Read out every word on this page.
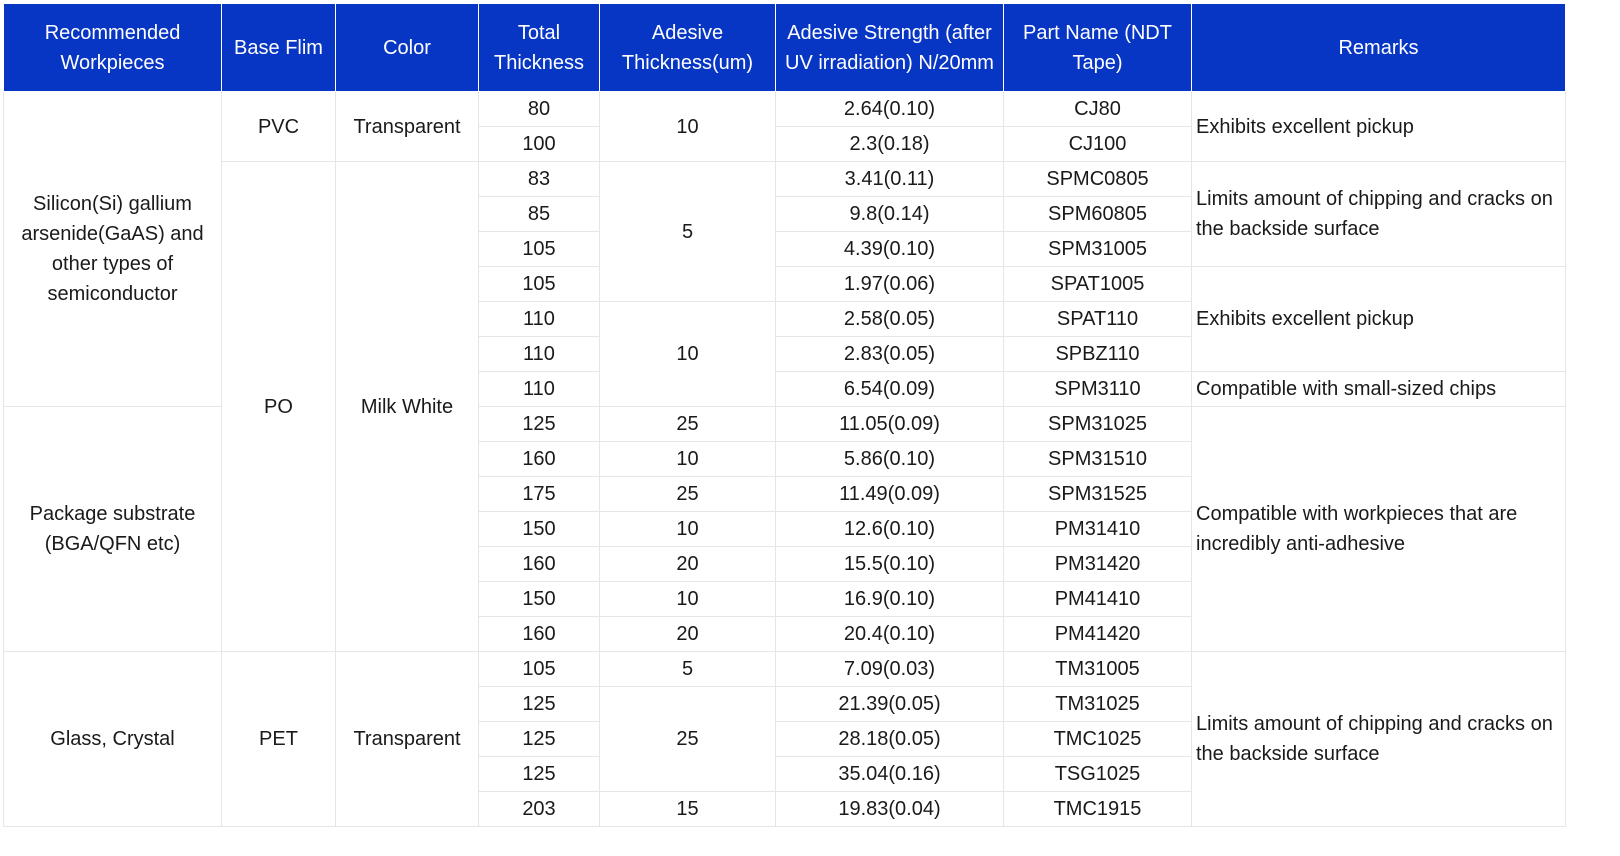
Recommended Workpieces	Base Flim	Color	Total Thickness	Adesive Thickness(um)	Adesive Strength (after UV irradiation) N/20mm	Part Name (NDT Tape)	Remarks
Silicon(Si) gallium arsenide(GaAS) and other types of semiconductor	PVC	Transparent	80	10	2.64(0.10)	CJ80	Exhibits excellent pickup
			100		2.3(0.18)	CJ100	
	PO	Milk White	83	5	3.41(0.11)	SPMC0805	Limits amount of chipping and cracks on the backside surface
			85		9.8(0.14)	SPM60805	
			105		4.39(0.10)	SPM31005	
			105		1.97(0.06)	SPAT1005	Exhibits excellent pickup
			110	10	2.58(0.05)	SPAT110	
			110		2.83(0.05)	SPBZ110	
			110		6.54(0.09)	SPM3110	Compatible with small-sized chips
Package substrate (BGA/QFN etc)			125	25	11.05(0.09)	SPM31025	Compatible with workpieces that are incredibly anti-adhesive
			160	10	5.86(0.10)	SPM31510	
			175	25	11.49(0.09)	SPM31525	
			150	10	12.6(0.10)	PM31410	
			160	20	15.5(0.10)	PM31420	
			150	10	16.9(0.10)	PM41410	
			160	20	20.4(0.10)	PM41420	
Glass, Crystal	PET	Transparent	105	5	7.09(0.03)	TM31005	Limits amount of chipping and cracks on the backside surface
			125	25	21.39(0.05)	TM31025	
			125		28.18(0.05)	TMC1025	
			125		35.04(0.16)	TSG1025	
			203	15	19.83(0.04)	TMC1915	
